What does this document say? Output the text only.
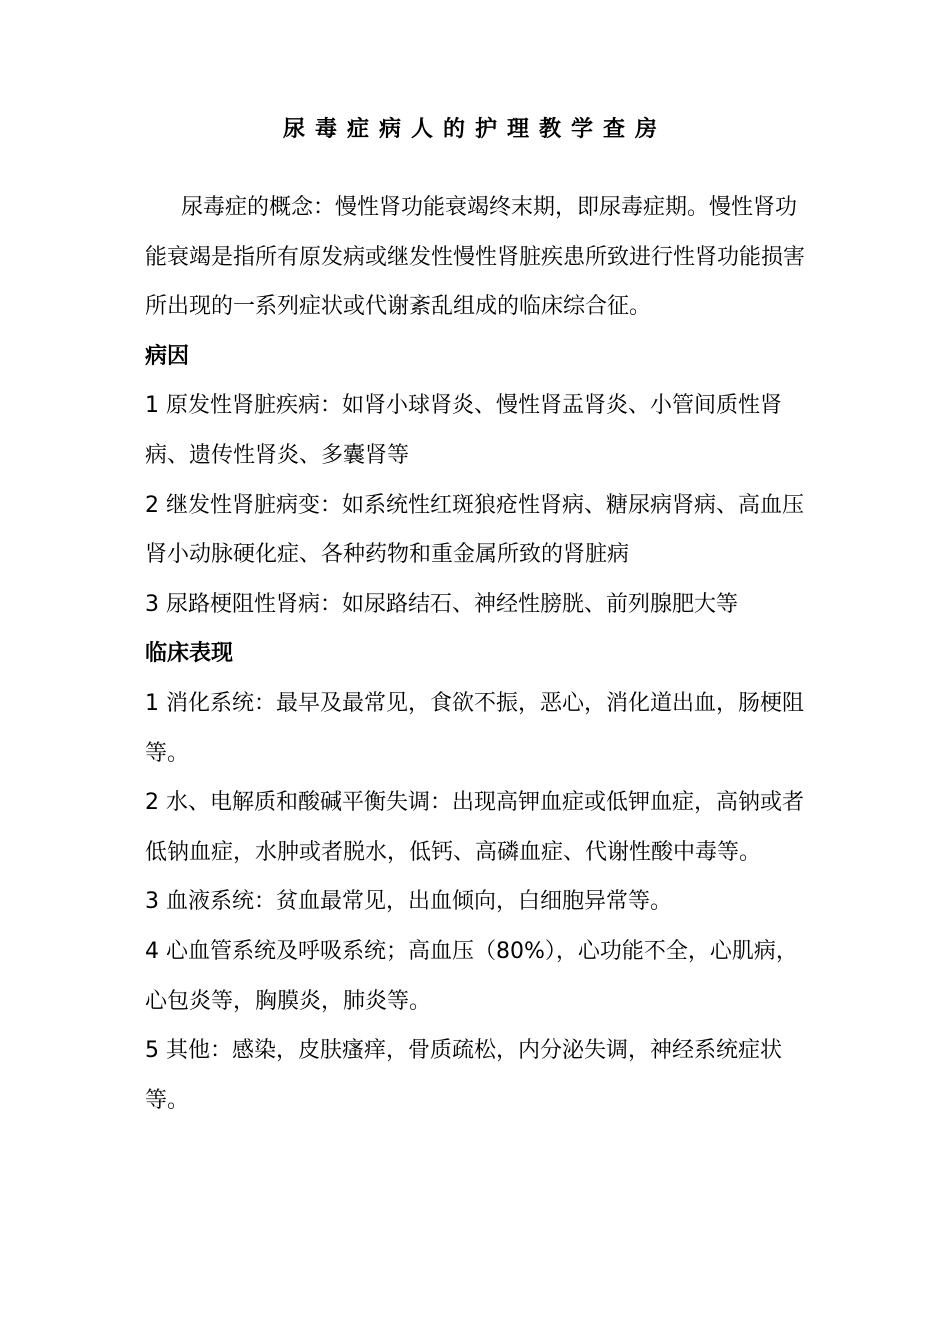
尿毒症病人的护理教学查房

尿毒症的概念：慢性肾功能衰竭终末期，即尿毒症期。慢性肾功能衰竭是指所有原发病或继发性慢性肾脏疾患所致进行性肾功能损害所出现的一系列症状或代谢紊乱组成的临床综合征。

病因

1 原发性肾脏疾病：如肾小球肾炎、慢性肾盂肾炎、小管间质性肾病、遗传性肾炎、多囊肾等

2 继发性肾脏病变：如系统性红斑狼疮性肾病、糖尿病肾病、高血压肾小动脉硬化症、各种药物和重金属所致的肾脏病

3 尿路梗阻性肾病：如尿路结石、神经性膀胱、前列腺肥大等

临床表现

1 消化系统：最早及最常见，食欲不振，恶心，消化道出血，肠梗阻等。

2 水、电解质和酸碱平衡失调：出现高钾血症或低钾血症，高钠或者低钠血症，水肿或者脱水，低钙、高磷血症、代谢性酸中毒等。

3 血液系统：贫血最常见，出血倾向，白细胞异常等。

4 心血管系统及呼吸系统；高血压（80%），心功能不全，心肌病，心包炎等，胸膜炎，肺炎等。

5 其他：感染，皮肤瘙痒，骨质疏松，内分泌失调，神经系统症状等。
